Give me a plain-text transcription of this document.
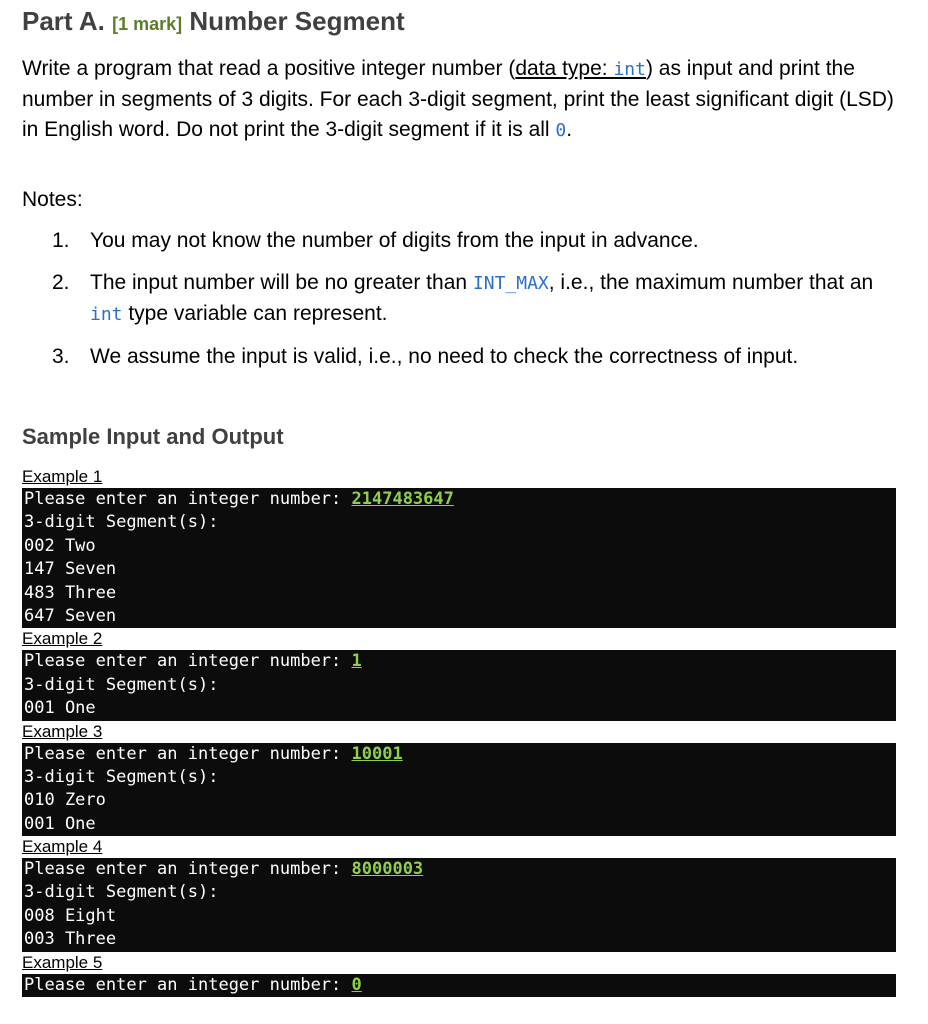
Part A. [1 mark] Number Segment

Write a program that read a positive integer number (data type: int) as input and print the number in segments of 3 digits. For each 3-digit segment, print the least significant digit (LSD) in English word. Do not print the 3-digit segment if it is all 0.

Notes:

1. You may not know the number of digits from the input in advance.
2. The input number will be no greater than INT_MAX, i.e., the maximum number that an int type variable can represent.
3. We assume the input is valid, i.e., no need to check the correctness of input.
Sample Input and Output
Example 1
Please enter an integer number: 2147483647
3-digit Segment(s):
002 Two
147 Seven
483 Three
647 Seven
Example 2
Please enter an integer number: 1
3-digit Segment(s):
001 One
Example 3
Please enter an integer number: 10001
3-digit Segment(s):
010 Zero
001 One
Example 4
Please enter an integer number: 8000003
3-digit Segment(s):
008 Eight
003 Three
Example 5
Please enter an integer number: 0
